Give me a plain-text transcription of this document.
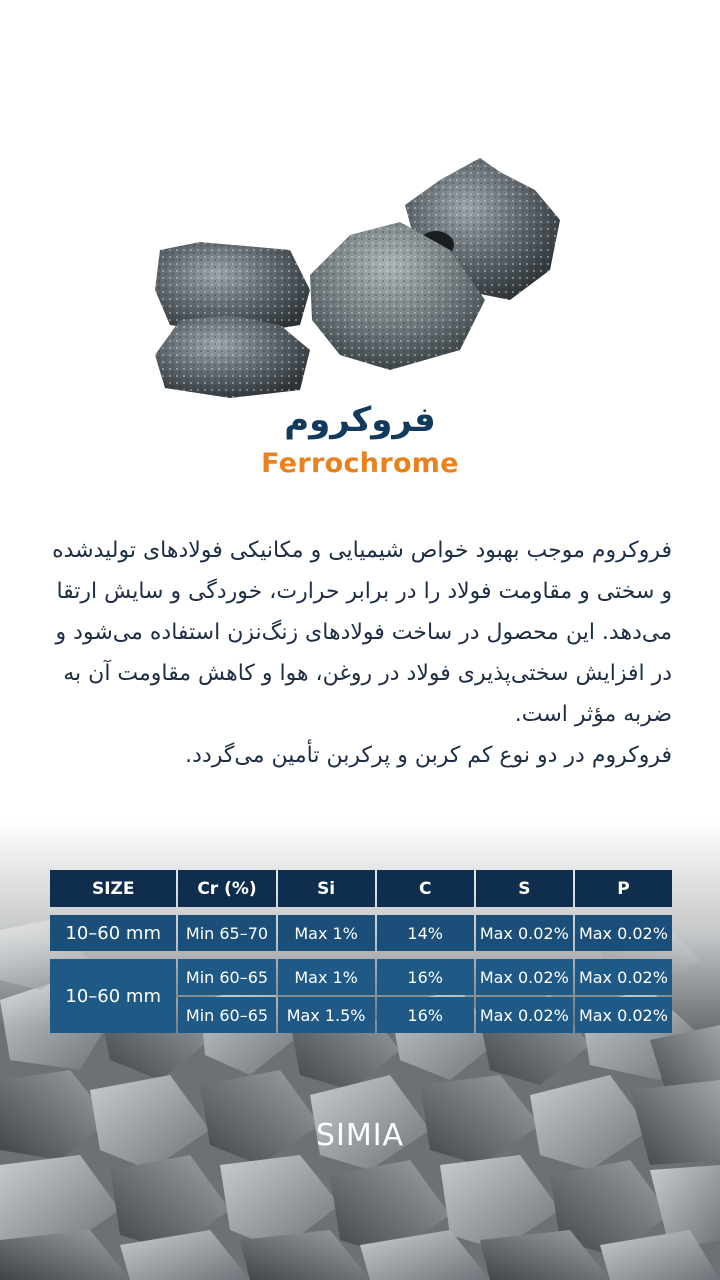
فروکروم
Ferrochrome

فروکروم موجب بهبود خواص شیمیایی و مکانیکی فولادهای تولیدشده و سختی و مقاومت فولاد را در برابر حرارت، خوردگی و سایش ارتقا می‌دهد. این محصول در ساخت فولادهای زنگ‌نزن استفاده می‌شود و در افزایش سختی‌پذیری فولاد در روغن، هوا و کاهش مقاومت آن به ضربه مؤثر است.

فروکروم در دو نوع کم کربن و پرکربن تأمین می‌گردد.

SIZE	Cr (%)	Si	C	S	P

10–60 mm	Min 65–70	Max 1%	14%	Max 0.02%	Max 0.02%

10–60 mm	Min 60–65	Max 1%	16%	Max 0.02%	Max 0.02%
	Min 60–65	Max 1.5%	16%	Max 0.02%	Max 0.02%
SIMIA
